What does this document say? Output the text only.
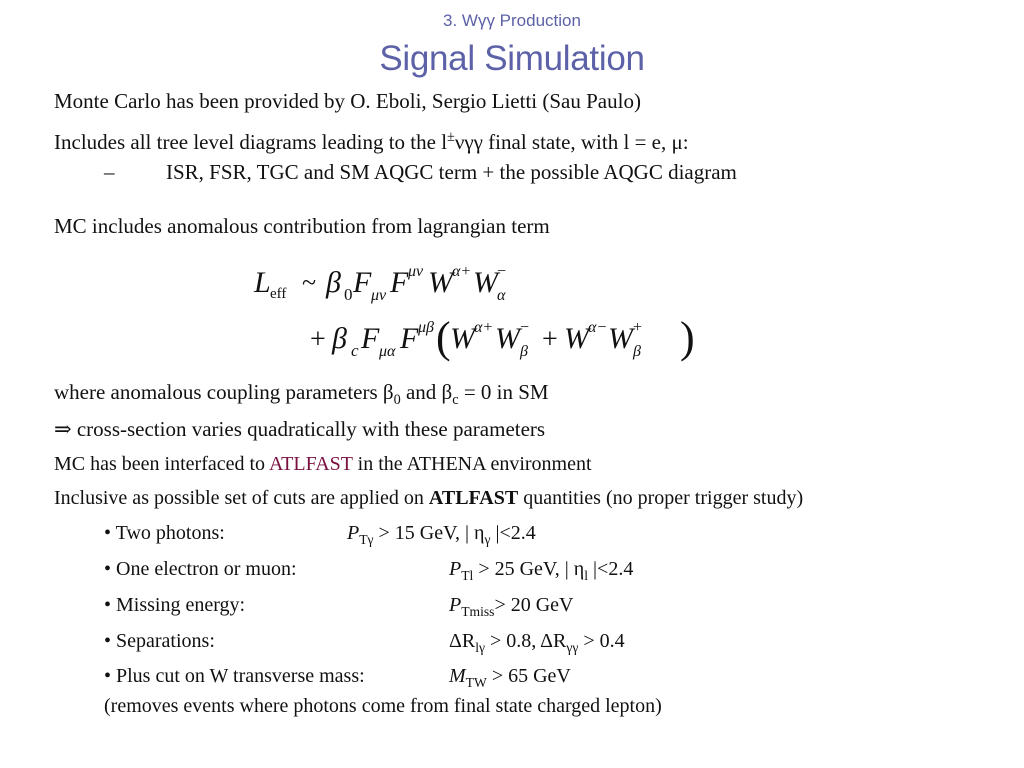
3. Wγγ Production
Signal Simulation
Monte Carlo has been provided by O. Eboli, Sergio Lietti (Sau Paulo)
Includes all tree level diagrams leading to the l±νγγ final state, with l = e, μ:
– ISR, FSR, TGC and SM AQGC term + the possible AQGC diagram
MC includes anomalous contribution from lagrangian term
L eff ~ β 0 F μν F μν W α+ W −
α
+ β c F μα F μβ ( W α+ W −
β + W α− W +
β )
where anomalous coupling parameters $\beta_0$ and $\beta_c = 0$ in SM
⇒ cross-section varies quadratically with these parameters
MC has been interfaced to ATLFAST in the ATHENA environment
Inclusive as possible set of cuts are applied on ATLFAST quantities (no proper trigger study)
• Two photons:	$P_{T\gamma} > 15$ GeV, | $\eta_\gamma$ |<2.4
• One electron or muon:	$P_{Tl} > 25$ GeV, | $\eta_l$ |<2.4
• Missing energy:	$P_{Tmiss}> 20$ GeV
• Separations:	$\Delta R_{l\gamma} > 0.8$, $\Delta R_{\gamma\gamma} > 0.4$
• Plus cut on W transverse mass:	$M_{TW} > 65$ GeV
(removes events where photons come from final state charged lepton)
